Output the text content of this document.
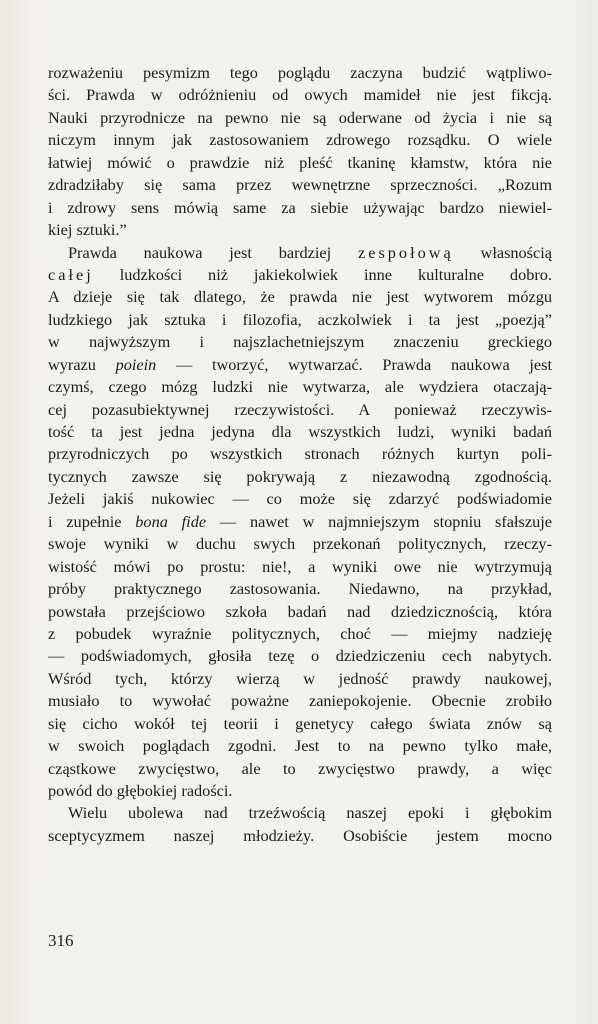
rozważeniu pesymizm tego poglądu zaczyna budzić wątpliwo-
ści. Prawda w odróżnieniu od owych mamideł nie jest fikcją.
Nauki przyrodnicze na pewno nie są oderwane od życia i nie są
niczym innym jak zastosowaniem zdrowego rozsądku. O wiele
łatwiej mówić o prawdzie niż pleść tkaninę kłamstw, która nie
zdradziłaby się sama przez wewnętrzne sprzeczności. „Rozum
i zdrowy sens mówią same za siebie używając bardzo niewiel-
kiej sztuki.”
Prawda naukowa jest bardziej zespołową własnością
całej ludzkości niż jakiekolwiek inne kulturalne dobro.
A dzieje się tak dlatego, że prawda nie jest wytworem mózgu
ludzkiego jak sztuka i filozofia, aczkolwiek i ta jest „poezją”
w najwyższym i najszlachetniejszym znaczeniu greckiego
wyrazu poiein — tworzyć, wytwarzać. Prawda naukowa jest
czymś, czego mózg ludzki nie wytwarza, ale wydziera otaczają-
cej pozasubiektywnej rzeczywistości. A ponieważ rzeczywis-
tość ta jest jedna jedyna dla wszystkich ludzi, wyniki badań
przyrodniczych po wszystkich stronach różnych kurtyn poli-
tycznych zawsze się pokrywają z niezawodną zgodnością.
Jeżeli jakiś nukowiec — co może się zdarzyć podświadomie
i zupełnie bona fide — nawet w najmniejszym stopniu sfałszuje
swoje wyniki w duchu swych przekonań politycznych, rzeczy-
wistość mówi po prostu: nie!, a wyniki owe nie wytrzymują
próby praktycznego zastosowania. Niedawno, na przykład,
powstała przejściowo szkoła badań nad dziedzicznością, która
z pobudek wyraźnie politycznych, choć — miejmy nadzieję
— podświadomych, głosiła tezę o dziedziczeniu cech nabytych.
Wśród tych, którzy wierzą w jedność prawdy naukowej,
musiało to wywołać poważne zaniepokojenie. Obecnie zrobiło
się cicho wokół tej teorii i genetycy całego świata znów są
w swoich poglądach zgodni. Jest to na pewno tylko małe,
cząstkowe zwycięstwo, ale to zwycięstwo prawdy, a więc
powód do głębokiej radości.
Wielu ubolewa nad trzeźwością naszej epoki i głębokim
sceptycyzmem naszej młodzieży. Osobiście jestem mocno
316
